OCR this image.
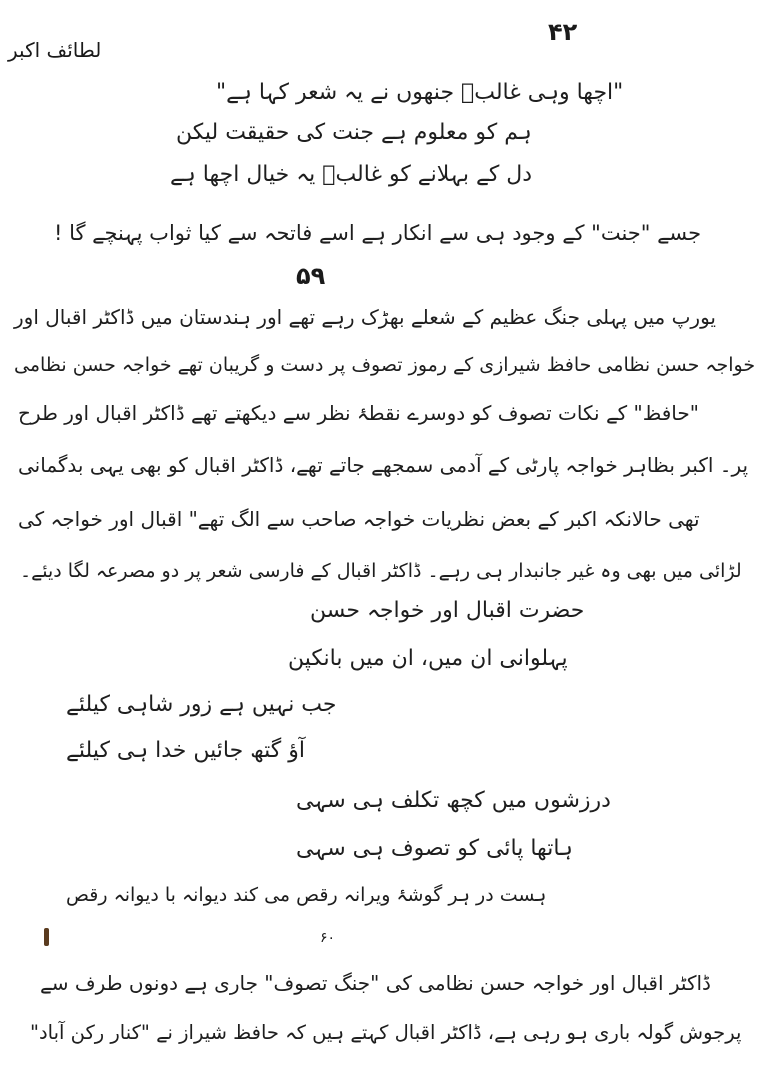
۴۲
لطائف اکبر
"اچھا وہی غالبؔ جنھوں نے یہ شعر کہا ہے"
ہم کو معلوم ہے جنت کی حقیقت لیکن
دل کے بہلانے کو غالبؔ یہ خیال اچھا ہے
جسے "جنت" کے وجود ہی سے انکار ہے اسے فاتحہ سے کیا ثواب پہنچے گا !
۵۹
یورپ میں پہلی جنگ عظیم کے شعلے بھڑک رہے تھے اور ہندستان میں ڈاکٹر اقبال اور
خواجہ حسن نظامی حافظ شیرازی کے رموز تصوف پر دست و گریبان تھے خواجہ حسن نظامی
"حافظ" کے نکات تصوف کو دوسرے نقطۂ نظر سے دیکھتے تھے ڈاکٹر اقبال اور طرح
پر۔ اکبر بظاہر خواجہ پارٹی کے آدمی سمجھے جاتے تھے، ڈاکٹر اقبال کو بھی یہی بدگمانی
تھی حالانکہ اکبر کے بعض نظریات خواجہ صاحب سے الگ تھے" اقبال اور خواجہ کی
لڑائی میں بھی وہ غیر جانبدار ہی رہے۔ ڈاکٹر اقبال کے فارسی شعر پر دو مصرعہ لگا دیئے۔
حضرت اقبال اور خواجہ حسن
پہلوانی ان میں، ان میں بانکپن
جب نہیں ہے زور شاہی کیلئے
آؤ گتھ جائیں خدا ہی کیلئے
درزشوں میں کچھ تکلف ہی سہی
ہاتھا پائی کو تصوف ہی سہی
ہست در ہر گوشۂ ویرانہ رقص می کند دیوانہ با دیوانہ رقص
۶۰
ڈاکٹر اقبال اور خواجہ حسن نظامی کی "جنگ تصوف" جاری ہے دونوں طرف سے
پرجوش گولہ باری ہو رہی ہے، ڈاکٹر اقبال کہتے ہیں کہ حافظ شیراز نے "کنار رکن آباد"
